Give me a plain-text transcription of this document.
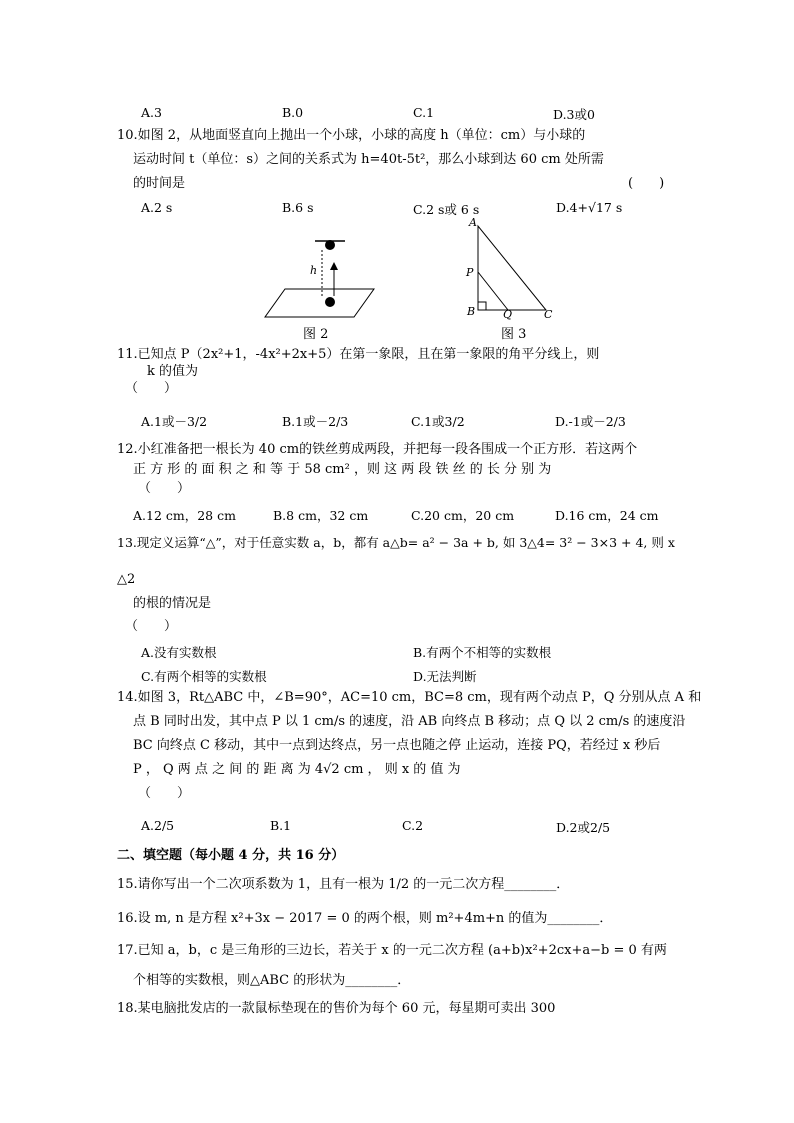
A.3	B.0	C.1	D.3或0
10.如图 2，从地面竖直向上抛出一个小球，小球的高度 h（单位：cm）与小球的
运动时间 t（单位：s）之间的关系式为 h=40t-5t²，那么小球到达 60 cm 处所需
的时间是	(　　)
A.2 s	B.6 s	C.2 s或 6 s	D.4+√17 s
h
图 2
A
P
B	Q	C
图 3
11.已知点 P（2x²+1，-4x²+2x+5）在第一象限，且在第一象限的角平分线上，则
k 的值为
（　　）
A.1或－3/2	B.1或－2/3	C.1或3/2	D.-1或－2/3
12.小红准备把一根长为 40 cm的铁丝剪成两段，并把每一段各围成一个正方形．若这两个
正 方 形 的 面 积 之 和 等 于 58 cm² ，则 这 两 段 铁 丝 的 长 分 别 为
（　　）
A.12 cm，28 cm	B.8 cm，32 cm	C.20 cm，20 cm	D.16 cm，24 cm
13.现定义运算“△”，对于任意实数 a，b，都有 a△b= a² − 3a + b, 如 3△4= 3² − 3×3 + 4, 则 x
△2
的根的情况是
（　　）
A.没有实数根	B.有两个不相等的实数根
C.有两个相等的实数根	D.无法判断
14.如图 3，Rt△ABC 中，∠B=90°，AC=10 cm，BC=8 cm，现有两个动点 P，Q 分别从点 A 和
点 B 同时出发，其中点 P 以 1 cm/s 的速度，沿 AB 向终点 B 移动；点 Q 以 2 cm/s 的速度沿
BC 向终点 C 移动，其中一点到达终点，另一点也随之停 止运动，连接 PQ，若经过 x 秒后
P ， Q 两 点 之 间 的 距 离 为 4√2 cm ， 则 x 的 值 为
（　　）
A.2/5	B.1	C.2	D.2或2/5
二、填空题（每小题 4 分，共 16 分）
15.请你写出一个二次项系数为 1，且有一根为 1/2 的一元二次方程________．
16.设 m, n 是方程 x²+3x − 2017 = 0 的两个根，则 m²+4m+n 的值为________．
17.已知 a，b，c 是三角形的三边长，若关于 x 的一元二次方程 (a+b)x²+2cx+a−b = 0 有两
个相等的实数根，则△ABC 的形状为________．
18.某电脑批发店的一款鼠标垫现在的售价为每个 60 元，每星期可卖出 300
